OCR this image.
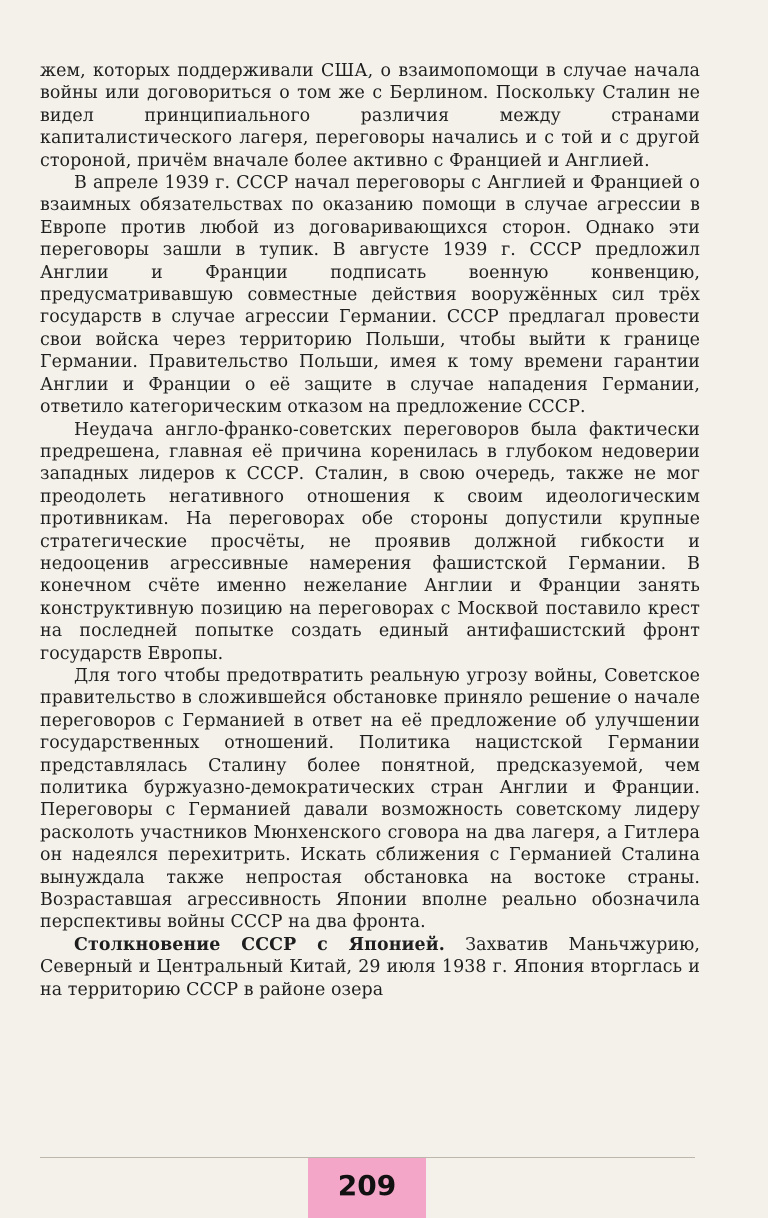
жем, которых поддерживали США, о взаимопомощи в случае начала войны или договориться о том же с Берлином. Поскольку Сталин не видел принципиального различия между странами капиталистического лагеря, переговоры начались и с той и с другой стороной, причём вначале более активно с Францией и Англией.

В апреле 1939 г. СССР начал переговоры с Англией и Францией о взаимных обязательствах по оказанию помощи в случае агрессии в Европе против любой из договаривающихся сторон. Однако эти переговоры зашли в тупик. В августе 1939 г. СССР предложил Англии и Франции подписать военную конвенцию, предусматривавшую совместные действия вооружённых сил трёх государств в случае агрессии Германии. СССР предлагал провести свои войска через территорию Польши, чтобы выйти к границе Германии. Правительство Польши, имея к тому времени гарантии Англии и Франции о её защите в случае нападения Германии, ответило категорическим отказом на предложение СССР.

Неудача англо-франко-советских переговоров была фактически предрешена, главная её причина коренилась в глубоком недоверии западных лидеров к СССР. Сталин, в свою очередь, также не мог преодолеть негативного отношения к своим идеологическим противникам. На переговорах обе стороны допустили крупные стратегические просчёты, не проявив должной гибкости и недооценив агрессивные намерения фашистской Германии. В конечном счёте именно нежелание Англии и Франции занять конструктивную позицию на переговорах с Москвой поставило крест на последней попытке создать единый антифашистский фронт государств Европы.

Для того чтобы предотвратить реальную угрозу войны, Советское правительство в сложившейся обстановке приняло решение о начале переговоров с Германией в ответ на её предложение об улучшении государственных отношений. Политика нацистской Германии представлялась Сталину более понятной, предсказуемой, чем политика буржуазно-демократических стран Англии и Франции. Переговоры с Германией давали возможность советскому лидеру расколоть участников Мюнхенского сговора на два лагеря, а Гитлера он надеялся перехитрить. Искать сближения с Германией Сталина вынуждала также непростая обстановка на востоке страны. Возраставшая агрессивность Японии вполне реально обозначила перспективы войны СССР на два фронта.

Столкновение СССР с Японией. Захватив Маньчжурию, Северный и Центральный Китай, 29 июля 1938 г. Япония вторглась и на территорию СССР в районе озера

209
